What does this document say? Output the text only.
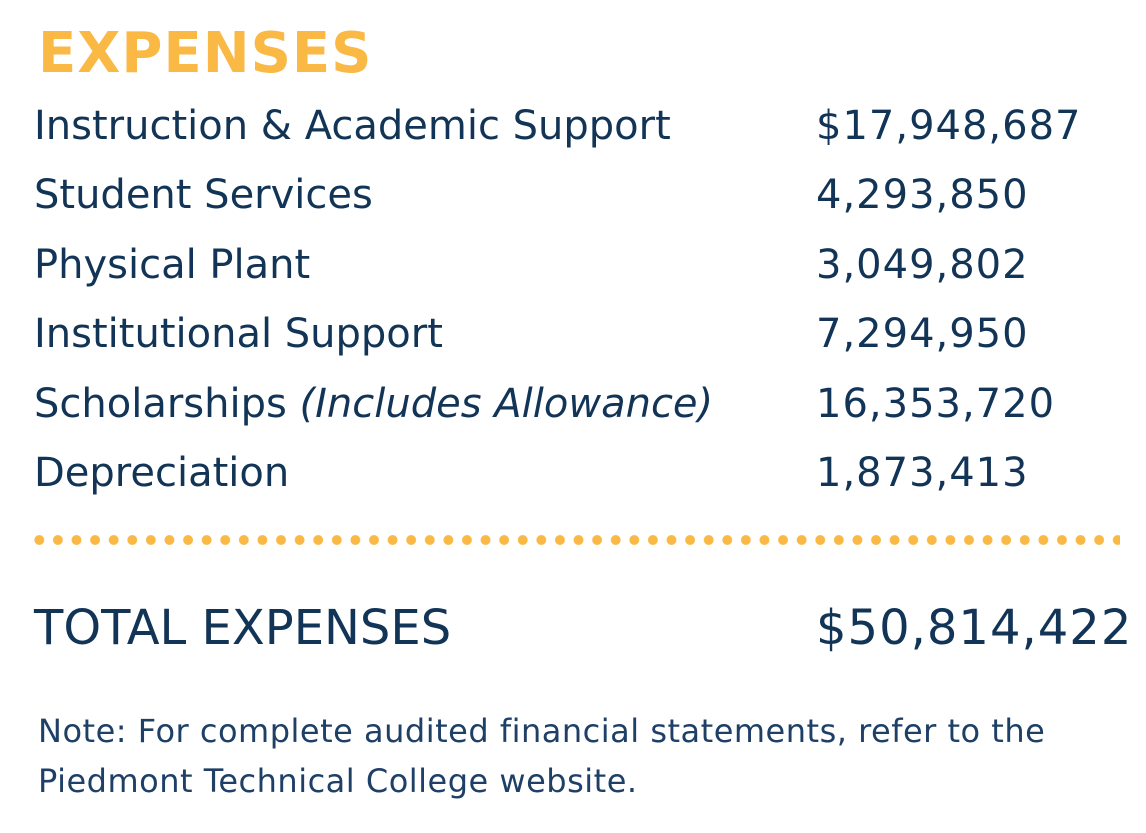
EXPENSES
Instruction & Academic Support	$17,948,687
Student Services	4,293,850
Physical Plant	3,049,802
Institutional Support	7,294,950
Scholarships (Includes Allowance)	16,353,720
Depreciation	1,873,413
TOTAL EXPENSES	$50,814,422
Note: For complete audited financial statements, refer to the Piedmont Technical College website.
